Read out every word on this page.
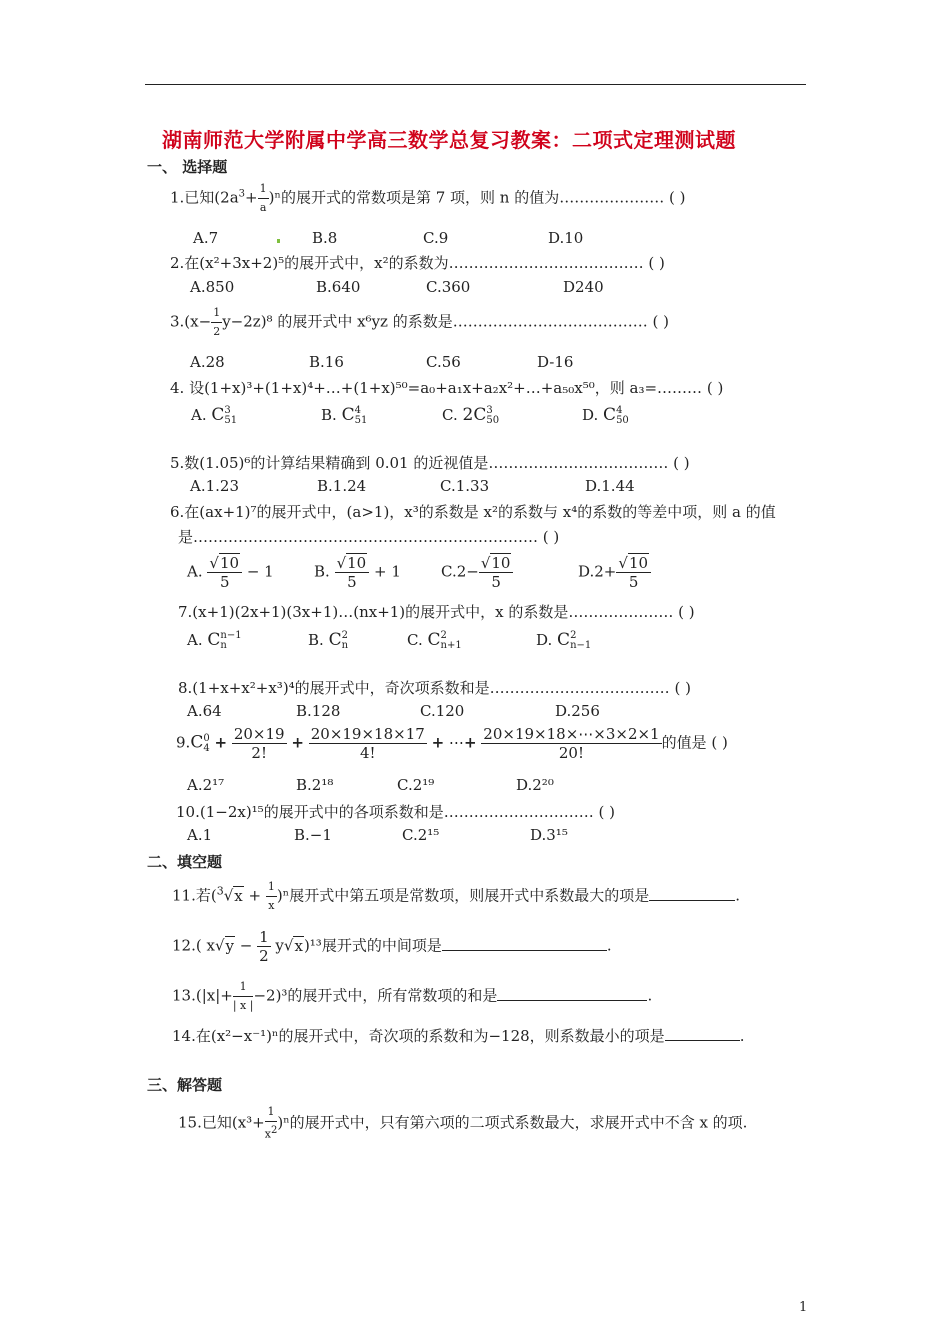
湖南师范大学附属中学高三数学总复习教案：二项式定理测试题
一、 选择题
1.已知$(2a^3+ \frac{1}{a} )^n$的展开式的常数项是第 7 项，则 n 的值为………………… ( )
A.7	B.8	C.9	D.10
2.在(x²+3x+2)⁵的展开式中，x²的系数为………………………………… ( )
A.850	B.640	C.360	D240
$3.(x- \frac{1}{2} y-2z)^8$ 的展开式中 x⁶yz 的系数是………………………………… ( )
A.28	B.16	C.56	D-16
4. 设(1+x)³+(1+x)⁴+…+(1+x)⁵⁰=a₀+a₁x+a₂x²+…+a₅₀x⁵⁰，则 a₃=……… ( )
A. C 3
51	B. C 4
51	C. 2C 3
50	D. C 4
50
5.数(1.05)⁶的计算结果精确到 0.01 的近视值是……………………………… ( )
A.1.23	B.1.24	C.1.33	D.1.44
6.在(ax+1)⁷的展开式中，(a>1)，x³的系数是 x²的系数与 x⁴的系数的等差中项，则 a 的值
是…………………………………………………………… ( )
A. $\frac{√10}{5} - 1$	B. $\frac{√10}{5} + 1$	$C.2- \frac{√10}{5}$	$D.2+ \frac{√10}{5}$
7.(x+1)(2x+1)(3x+1)…(nx+1)的展开式中，x 的系数是………………… ( )
A. C n−1
n	B. C 2
n	C. C 2
n+1	D. C 2
n−1
8.(1+x+x²+x³)⁴的展开式中，奇次项系数和是……………………………… ( )
A.64	B.128	C.120	D.256
9.C 0
$4 + \frac{20\times 19}{2!} + \frac{20\times 19\times 18\times 17}{4!}$ + ⋯+ $\frac{20\times 19\times 18\times\cdots\times 3\times 2\times 1}{20!}$ 的值是 ( )
A.2¹⁷	B.2¹⁸	C.2¹⁹	D.2²⁰
10.(1−2x)¹⁵的展开式中的各项系数和是………………………… ( )
A.1	B.−1	C.2¹⁵	D.3¹⁵
二、填空题
11.若$(^3√x + \frac{1}{x} )^n$展开式中第五项是常数项，则展开式中系数最大的项是	.
12.( $x√y - \frac{1}{2} y√x)^{13}$展开式的中间项是	.
$13.(|x|+ \frac{1}{| x |} -2)^3$的展开式中，所有常数项的和是	.
14.在(x²−x⁻¹)ⁿ的展开式中，奇次项的系数和为−128，则系数最小的项是	.
三、解答题
15.已知$(x^3+ \frac{1}{x^2} )^n$的展开式中，只有第六项的二项式系数最大，求展开式中不含 x 的项.
1
